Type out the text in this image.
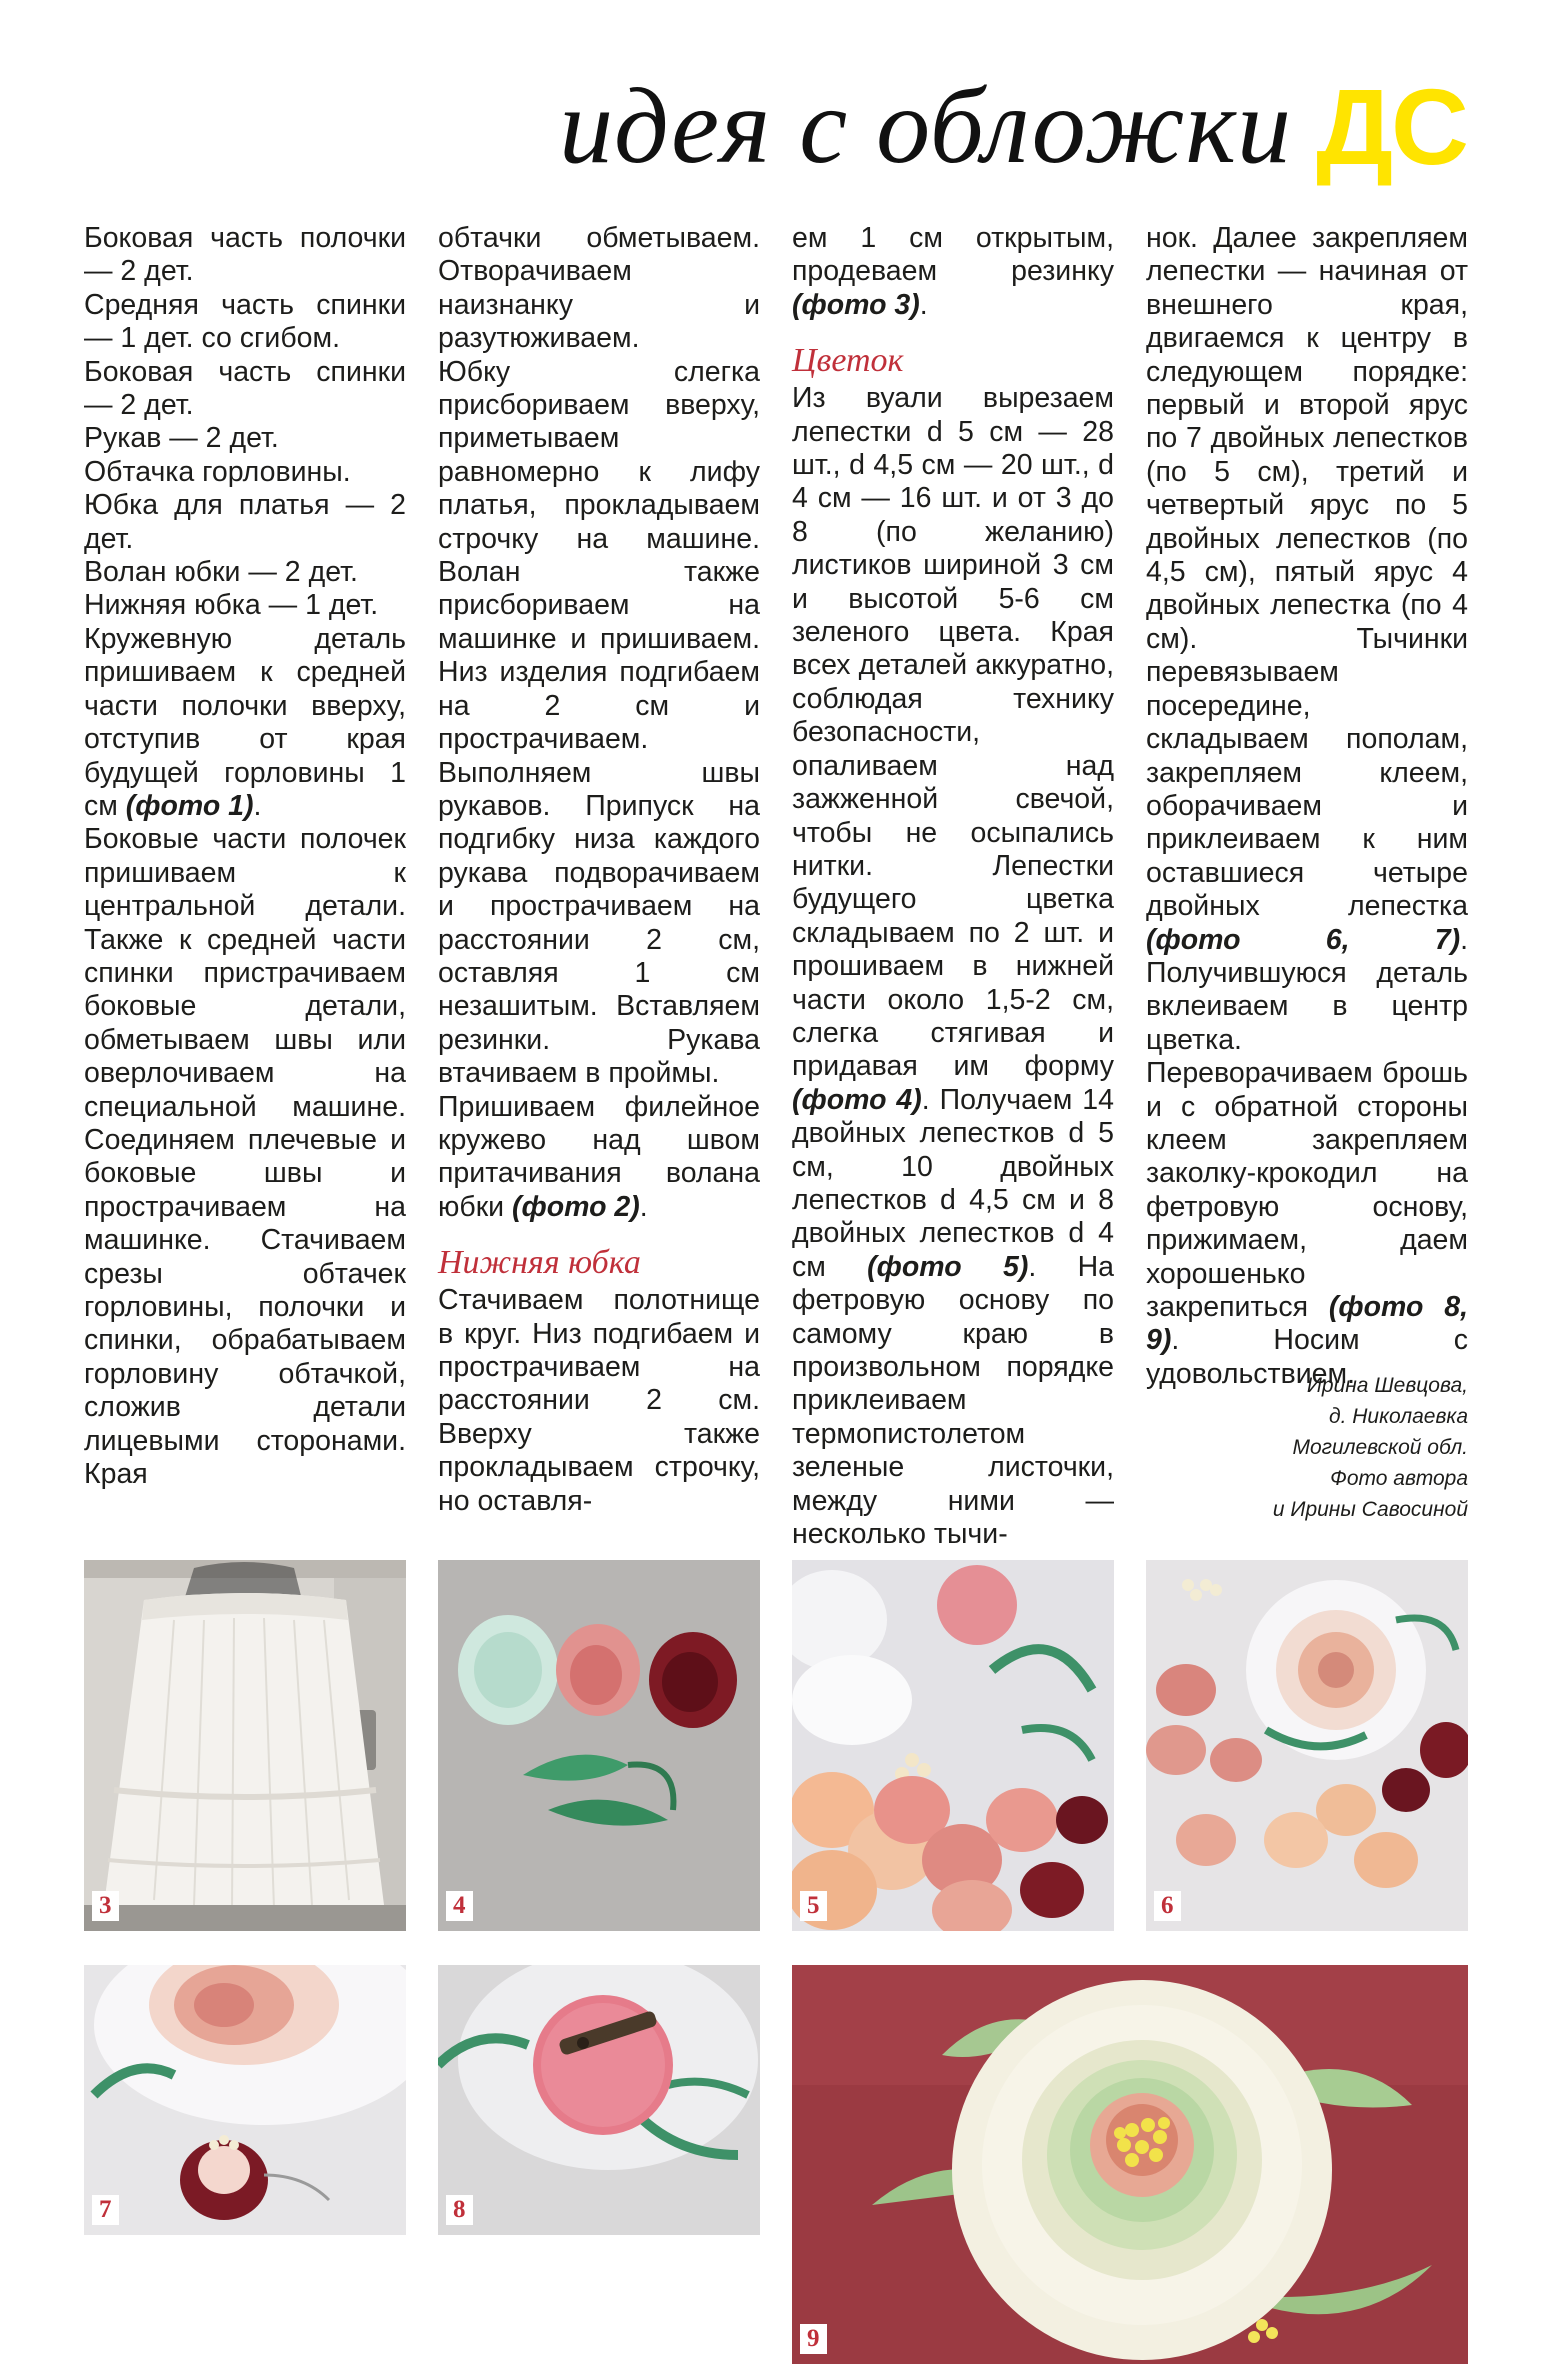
идея с обложки ДС

Боковая часть полочки — 2 дет.

Средняя часть спинки — 1 дет. со сгибом.

Боковая часть спинки — 2 дет.

Рукав — 2 дет.

Обтачка горловины.

Юбка для платья — 2 дет.

Волан юбки — 2 дет.

Нижняя юбка — 1 дет.

Кружевную деталь пришиваем к средней части полочки вверху, отступив от края будущей горловины 1 см (фото 1).

Боковые части полочек пришиваем к центральной детали. Также к средней части спинки пристрачиваем боковые детали, обметываем швы или оверлочиваем на специальной машине. Соединяем плечевые и боковые швы и прострачиваем на машинке. Стачиваем срезы обтачек горловины, полочки и спинки, обрабатываем горловину обтачкой, сложив детали лицевыми сторонами. Края

обтачки обметываем. Отворачиваем наизнанку и разутюживаем.

Юбку слегка присбориваем вверху, приметываем равномерно к лифу платья, прокладываем строчку на машине. Волан также присбориваем на машинке и пришиваем. Низ изделия подгибаем на 2 см и прострачиваем.

Выполняем швы рукавов. Припуск на подгибку низа каждого рукава подворачиваем и прострачиваем на расстоянии 2 см, оставляя 1 см незашитым. Вставляем резинки. Рукава втачиваем в проймы.

Пришиваем филейное кружево над швом притачивания волана юбки (фото 2).

Нижняя юбка

Стачиваем полотнище в круг. Низ подгибаем и прострачиваем на расстоянии 2 см. Вверху также прокладываем строчку, но оставля-

ем 1 см открытым, продеваем резинку (фото 3).

Цветок

Из вуали вырезаем лепестки d 5 см — 28 шт., d 4,5 см — 20 шт., d 4 см — 16 шт. и от 3 до 8 (по желанию) листиков шириной 3 см и высотой 5-6 см зеленого цвета. Края всех деталей аккуратно, соблюдая технику безопасности, опаливаем над зажженной свечой, чтобы не осыпались нитки. Лепестки будущего цветка складываем по 2 шт. и прошиваем в нижней части около 1,5-2 см, слегка стягивая и придавая им форму (фото 4). Получаем 14 двойных лепестков d 5 см, 10 двойных лепестков d 4,5 см и 8 двойных лепестков d 4 см (фото 5). На фетровую основу по самому краю в произвольном порядке приклеиваем термопистолетом зеленые листочки, между ними — несколько тычи-

нок. Далее закрепляем лепестки — начиная от внешнего края, двигаемся к центру в следующем порядке: первый и второй ярус по 7 двойных лепестков (по 5 см), третий и четвертый ярус по 5 двойных лепестков (по 4,5 см), пятый ярус 4 двойных лепестка (по 4 см). Тычинки перевязываем посередине, складываем пополам, закрепляем клеем, оборачиваем и приклеиваем к ним оставшиеся четыре двойных лепестка (фото 6, 7). Получившуюся деталь вклеиваем в центр цветка. Переворачиваем брошь и с обратной стороны клеем закрепляем заколку-крокодил на фетровую основу, прижимаем, даем хорошенько закрепиться (фото 8, 9). Носим с удовольствием.

Ирина Шевцова,
д. Николаевка
Могилевской обл.
Фото автора
и Ирины Савосиной
3	4	5	6
7	8
9
